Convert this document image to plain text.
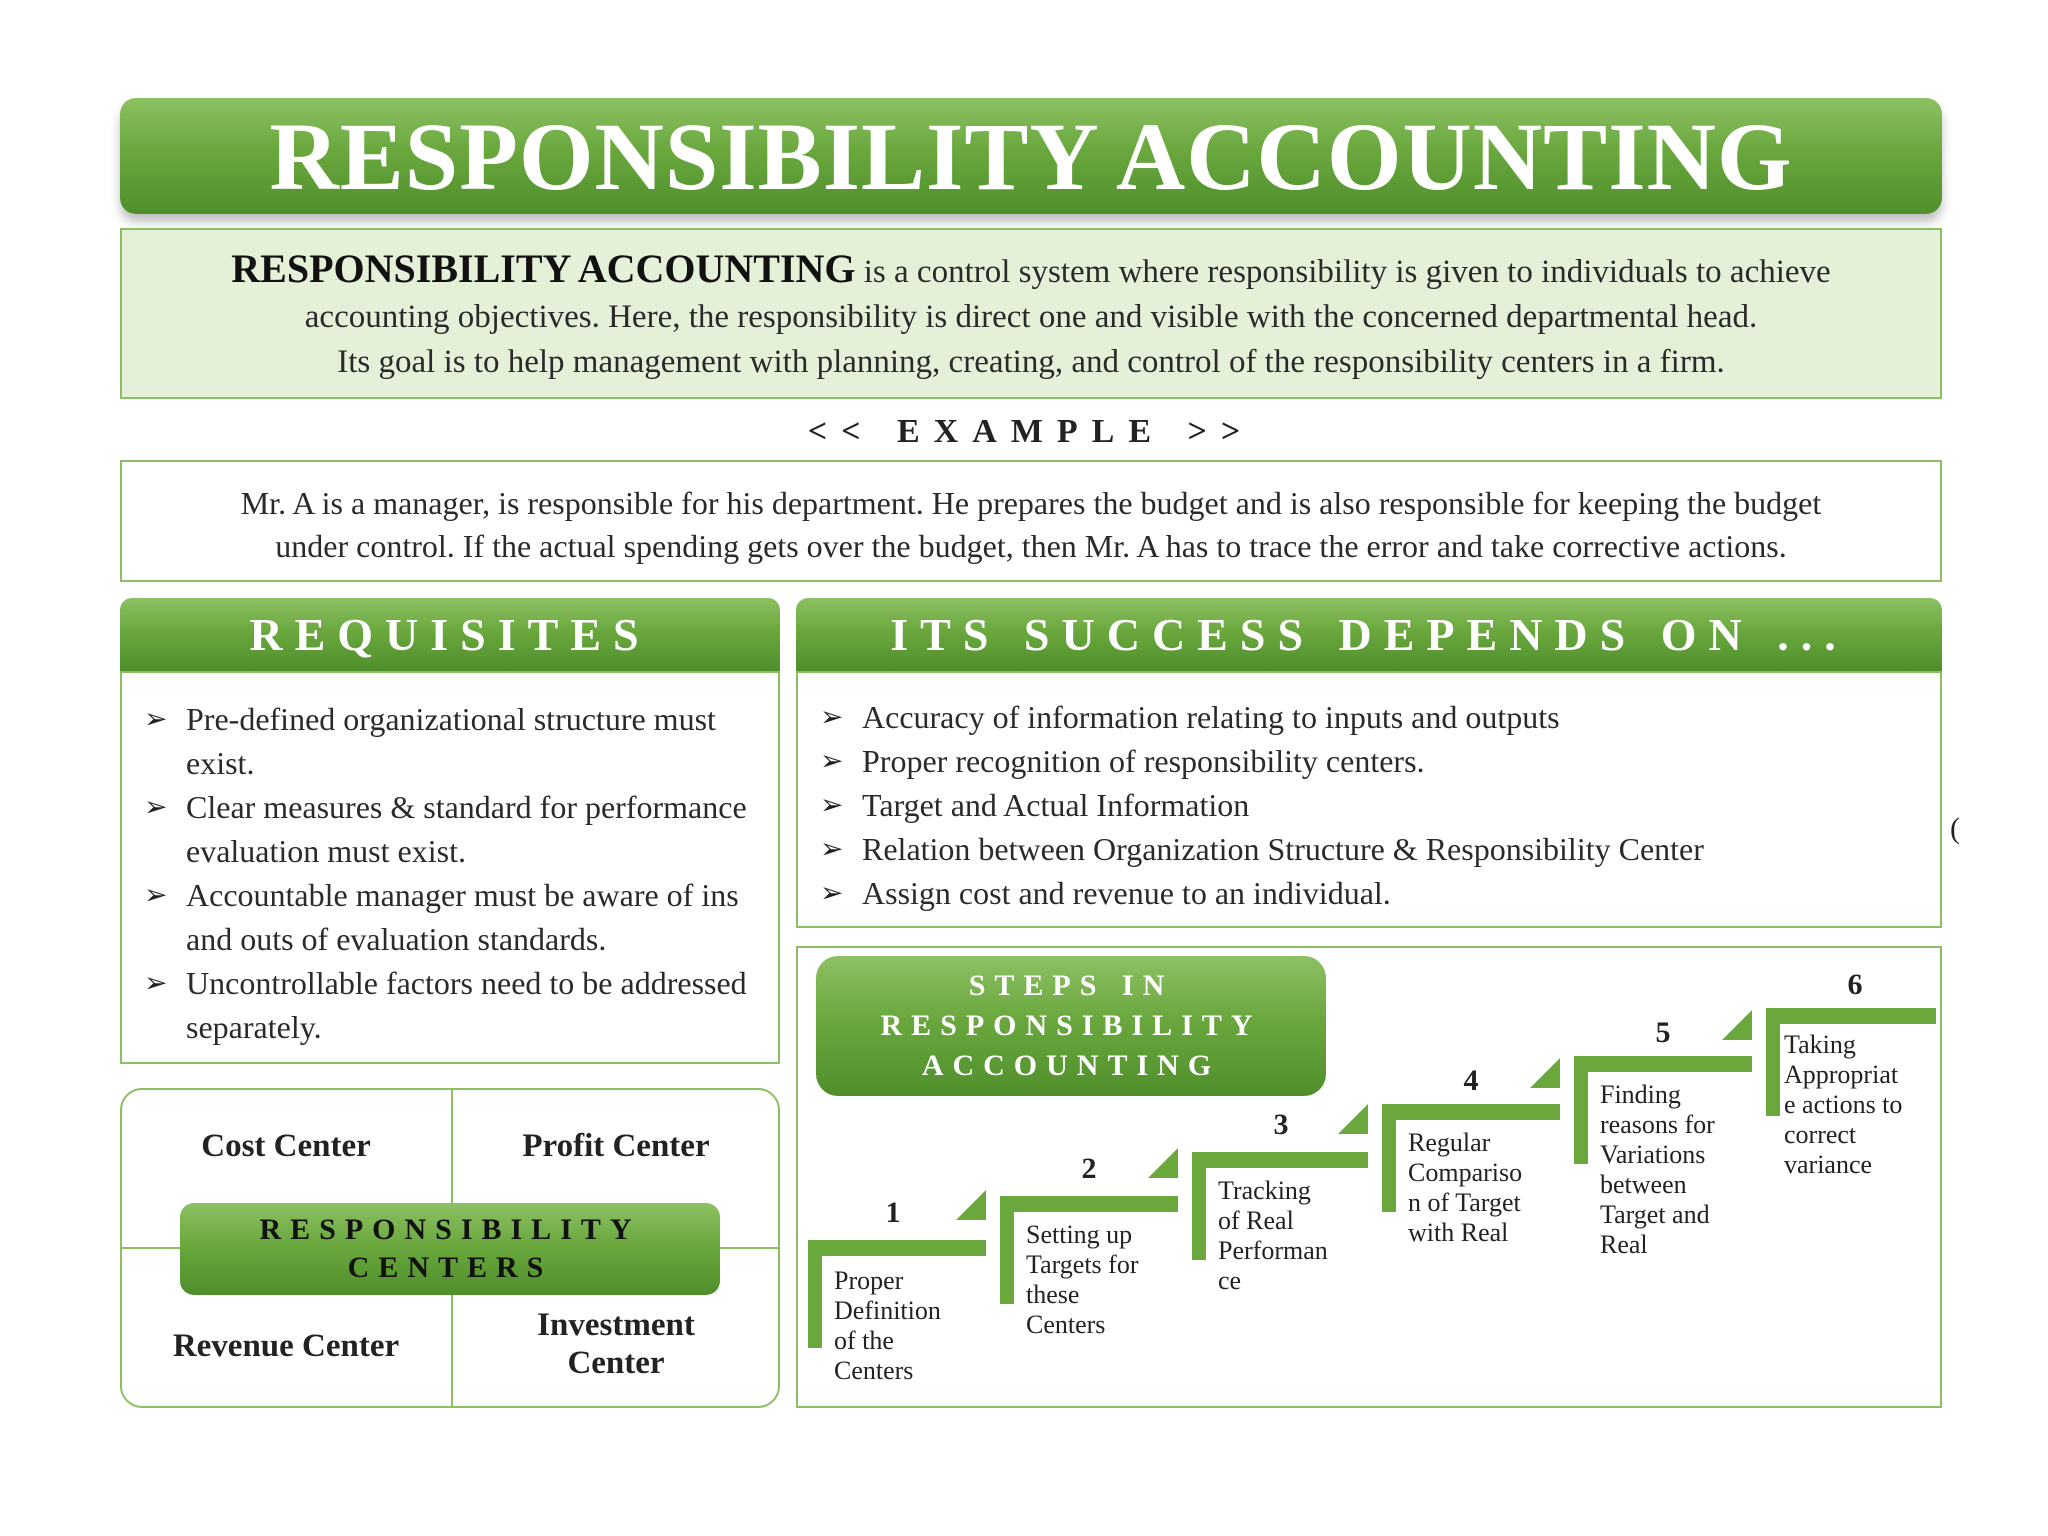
RESPONSIBILITY ACCOUNTING
RESPONSIBILITY ACCOUNTING is a control system where responsibility is given to individuals to achieve
accounting objectives. Here, the responsibility is direct one and visible with the concerned departmental head.
Its goal is to help management with planning, creating, and control of the responsibility centers in a firm.
<< EXAMPLE >>
Mr. A is a manager, is responsible for his department. He prepares the budget and is also responsible for keeping the budget
under control. If the actual spending gets over the budget, then Mr. A has to trace the error and take corrective actions.
REQUISITES
➢ Pre-defined organizational structure must exist.
➢ Clear measures & standard for performance evaluation must exist.
➢ Accountable manager must be aware of ins and outs of evaluation standards.
➢ Uncontrollable factors need to be addressed separately.
ITS SUCCESS DEPENDS ON ...
➢ Accuracy of information relating to inputs and outputs
➢ Proper recognition of responsibility centers.
➢ Target and Actual Information
➢ Relation between Organization Structure & Responsibility Center
➢ Assign cost and revenue to an individual.
(
Cost Center	Profit Center
Revenue Center
Investment
Center
RESPONSIBILITY
CENTERS
STEPS IN
RESPONSIBILITY
ACCOUNTING
1
Proper
Definition
of the
Centers
2
Setting up
Targets for
these
Centers
3
Tracking
of Real
Performan
ce
4
Regular
Compariso
n of Target
with Real
5
Finding
reasons for
Variations
between
Target and
Real
6
Taking
Appropriat
e actions to
correct
variance
